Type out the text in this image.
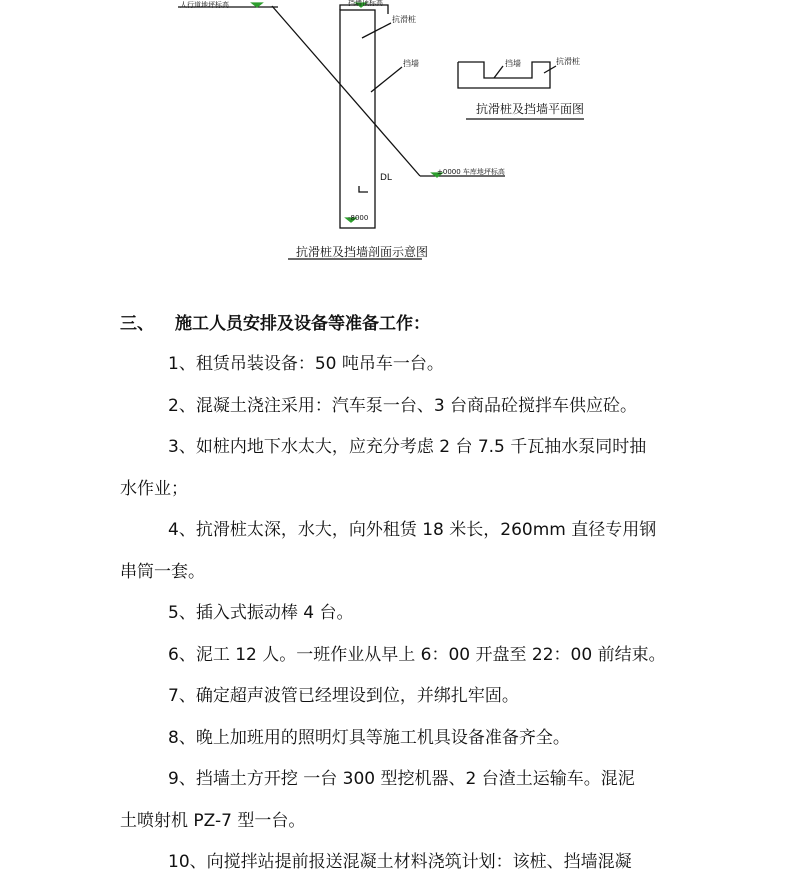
人行道地坪标高	挡墙顶标高
抗滑桩
挡墙
±0000 车库地坪标高
DL
-8000
抗滑桩及挡墙剖面示意图
挡墙	抗滑桩
抗滑桩及挡墙平面图
三、 施工人员安排及设备等准备工作：
1、租赁吊装设备：50 吨吊车一台。
2、混凝土浇注采用：汽车泵一台、3 台商品砼搅拌车供应砼。
3、如桩内地下水太大，应充分考虑 2 台 7.5 千瓦抽水泵同时抽
水作业；
4、抗滑桩太深，水大，向外租赁 18 米长，260mm 直径专用钢
串筒一套。
5、插入式振动棒 4 台。
6、泥工 12 人。一班作业从早上 6：00 开盘至 22：00 前结束。
7、确定超声波管已经埋设到位，并绑扎牢固。
8、晚上加班用的照明灯具等施工机具设备准备齐全。
9、挡墙土方开挖 一台 300 型挖机器、2 台渣土运输车。混泥
土喷射机 PZ-7 型一台。
10、向搅拌站提前报送混凝土材料浇筑计划：该桩、挡墙混凝
